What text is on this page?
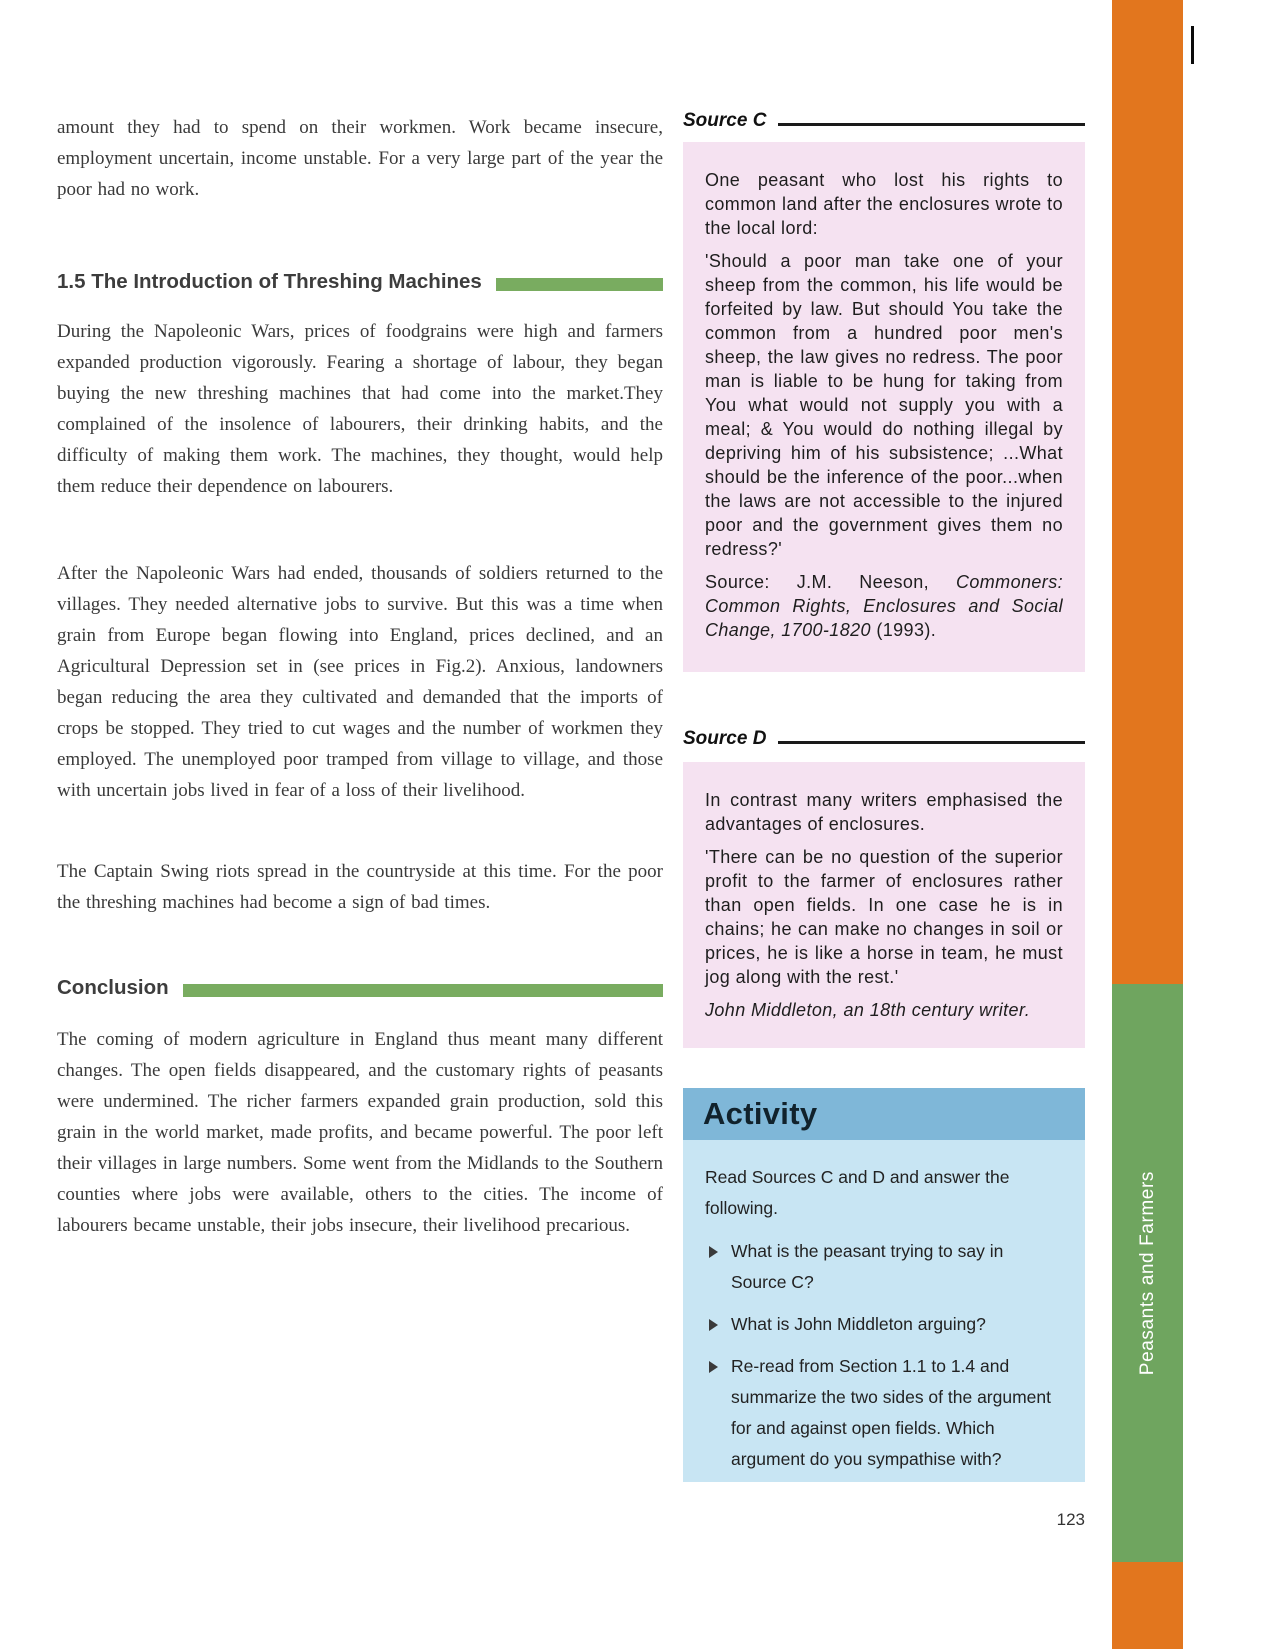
Peasants and Farmers

amount they had to spend on their workmen. Work became insecure, employment uncertain, income unstable. For a very large part of the year the poor had no work.

1.5 The Introduction of Threshing Machines

During the Napoleonic Wars, prices of foodgrains were high and farmers expanded production vigorously. Fearing a shortage of labour, they began buying the new threshing machines that had come into the market.They complained of the insolence of labourers, their drinking habits, and the difficulty of making them work. The machines, they thought, would help them reduce their dependence on labourers.

After the Napoleonic Wars had ended, thousands of soldiers returned to the villages. They needed alternative jobs to survive. But this was a time when grain from Europe began flowing into England, prices declined, and an Agricultural Depression set in (see prices in Fig.2). Anxious, landowners began reducing the area they cultivated and demanded that the imports of crops be stopped. They tried to cut wages and the number of workmen they employed. The unemployed poor tramped from village to village, and those with uncertain jobs lived in fear of a loss of their livelihood.

The Captain Swing riots spread in the countryside at this time. For the poor the threshing machines had become a sign of bad times.

Conclusion

The coming of modern agriculture in England thus meant many different changes. The open fields disappeared, and the customary rights of peasants were undermined. The richer farmers expanded grain production, sold this grain in the world market, made profits, and became powerful. The poor left their villages in large numbers. Some went from the Midlands to the Southern counties where jobs were available, others to the cities. The income of labourers became unstable, their jobs insecure, their livelihood precarious.

Source C

One peasant who lost his rights to common land after the enclosures wrote to the local lord:

'Should a poor man take one of your sheep from the common, his life would be forfeited by law. But should You take the common from a hundred poor men's sheep, the law gives no redress. The poor man is liable to be hung for taking from You what would not supply you with a meal; & You would do nothing illegal by depriving him of his subsistence; ...What should be the inference of the poor...when the laws are not accessible to the injured poor and the government gives them no redress?'

Source: J.M. Neeson, Commoners: Common Rights, Enclosures and Social Change, 1700-1820 (1993).

Source D

In contrast many writers emphasised the advantages of enclosures.

'There can be no question of the superior profit to the farmer of enclosures rather than open fields. In one case he is in chains; he can make no changes in soil or prices, he is like a horse in team, he must jog along with the rest.'

John Middleton, an 18th century writer.

Activity

Read Sources C and D and answer the
following.

What is the peasant trying to say in Source C?
What is John Middleton arguing?
Re-read from Section 1.1 to 1.4 and summarize the two sides of the argument for and against open fields. Which argument do you sympathise with?
123
